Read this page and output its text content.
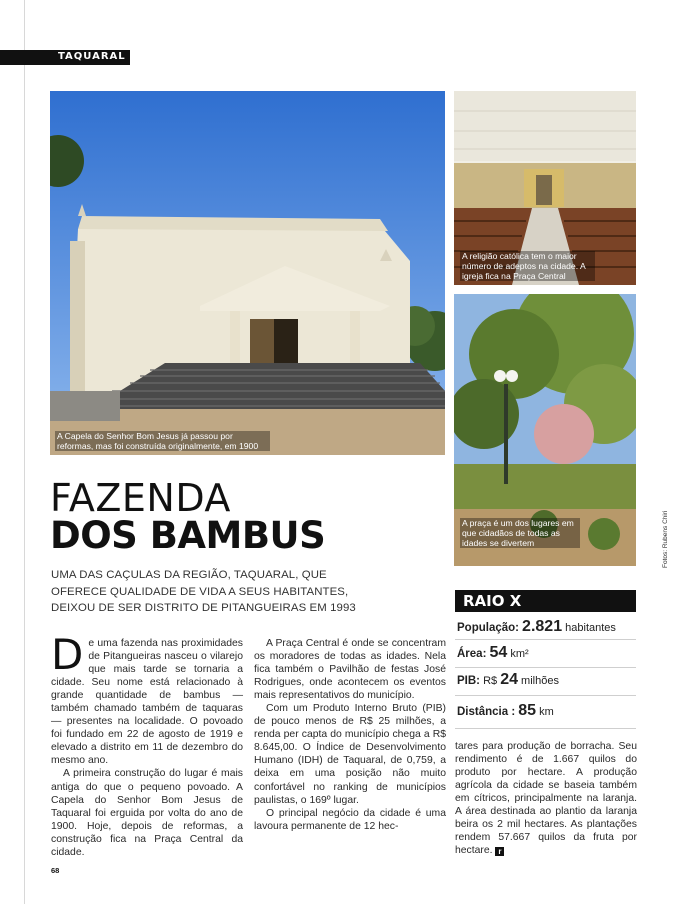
TAQUARAL
A Capela do Senhor Bom Jesus já passou por reformas, mas foi construída originalmente, em 1900
A religião católica tem o maior número de adeptos na cidade. A igreja fica na Praça Central
A praça é um dos lugares em que cidadãos de todas as idades se divertem	Fotos: Rubens Chiri
FAZENDA
DOS BAMBUS
UMA DAS CAÇULAS DA REGIÃO, TAQUARAL, QUE OFERECE QUALIDADE DE VIDA A SEUS HABITANTES, DEIXOU DE SER DISTRITO DE PITANGUEIRAS EM 1993

De uma fazenda nas proximidades de Pitangueiras nasceu o vilarejo que mais tarde se tornaria a cidade. Seu nome está relacionado à grande quantidade de bambus — também chamado também de taquaras — presentes na localidade. O povoado foi fundado em 22 de agosto de 1919 e elevado a distrito em 11 de dezembro do mesmo ano.

A primeira construção do lugar é mais antiga do que o pequeno povoado. A Capela do Senhor Bom Jesus de Taquaral foi erguida por volta do ano de 1900. Hoje, depois de reformas, a construção fica na Praça Central da cidade.

A Praça Central é onde se concentram os moradores de todas as idades. Nela fica também o Pavilhão de festas José Rodrigues, onde acontecem os eventos mais representativos do município.

Com um Produto Interno Bruto (PIB) de pouco menos de R$ 25 milhões, a renda per capta do município chega a R$ 8.645,00. O Índice de Desenvolvimento Humano (IDH) de Taquaral, de 0,759, a deixa em uma posição não muito confortável no ranking de municípios paulistas, o 169º lugar.

O principal negócio da cidade é uma lavoura permanente de 12 hec-

RAIO X
População: 2.821 habitantes
Área: 54 km²
PIB: R$ 24 milhões
Distância : 85 km

tares para produção de borracha. Seu rendimento é de 1.667 quilos do produto por hectare. A produção agrícola da cidade se baseia também em cítricos, principalmente na laranja. A área destinada ao plantio da laranja beira os 2 mil hectares. As plantações rendem 57.667 quilos da fruta por hectare. r

68
